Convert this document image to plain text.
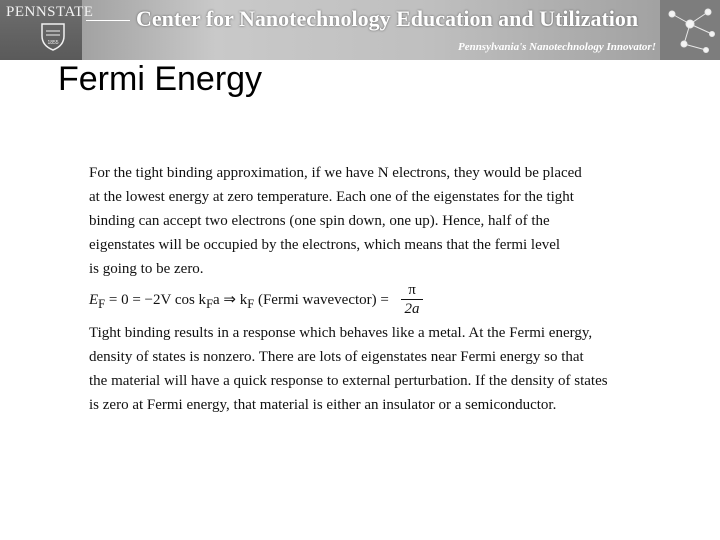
PENNSTATE
1855
Center for Nanotechnology Education and Utilization
Pennsylvania's Nanotechnology Innovator!
Fermi Energy

For the tight binding approximation, if we have N electrons, they would be placed
at the lowest energy at zero temperature. Each one of the eigenstates for the tight
binding can accept two electrons (one spin down, one up). Hence, half of the
eigenstates will be occupied by the electrons, which means that the fermi level
is going to be zero.

$E_F = 0 = -2V$ $\cos k_Fa$ ⇒ $k_F$ (Fermi wavevector) =
π
2a

Tight binding results in a response which behaves like a metal. At the Fermi energy,
density of states is nonzero. There are lots of eigenstates near Fermi energy so that
the material will have a quick response to external perturbation. If the density of states
is zero at Fermi energy, that material is either an insulator or a semiconductor.
